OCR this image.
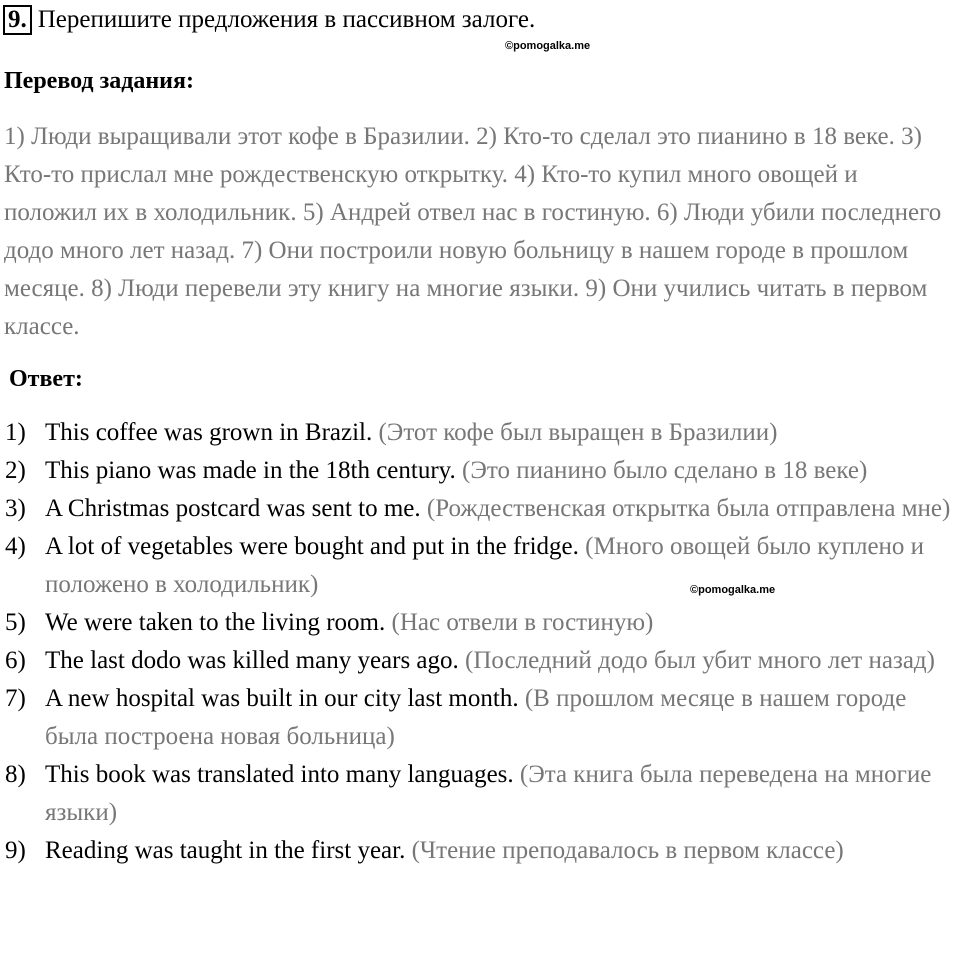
9. Перепишите предложения в пассивном залоге.
©pomogalka.me
Перевод задания:
1) Люди выращивали этот кофе в Бразилии. 2) Кто-то сделал это пианино в 18 веке. 3) Кто-то прислал мне рождественскую открытку. 4) Кто-то купил много овощей и положил их в холодильник. 5) Андрей отвел нас в гостиную. 6) Люди убили последнего додо много лет назад. 7) Они построили новую больницу в нашем городе в прошлом месяце. 8) Люди перевели эту книгу на многие языки. 9) Они учились читать в первом классе.
Ответ:
1) This coffee was grown in Brazil. (Этот кофе был выращен в Бразилии)
2) This piano was made in the 18th century. (Это пианино было сделано в 18 веке)
3) A Christmas postcard was sent to me. (Рождественская открытка была отправлена мне)
4) A lot of vegetables were bought and put in the fridge. (Много овощей было куплено и положено в холодильник)
5) We were taken to the living room. (Нас отвели в гостиную)
6) The last dodo was killed many years ago. (Последний додо был убит много лет назад)
7) A new hospital was built in our city last month. (В прошлом месяце в нашем городе была построена новая больница)
8) This book was translated into many languages. (Эта книга была переведена на многие языки)
9) Reading was taught in the first year. (Чтение преподавалось в первом классе)
©pomogalka.me
